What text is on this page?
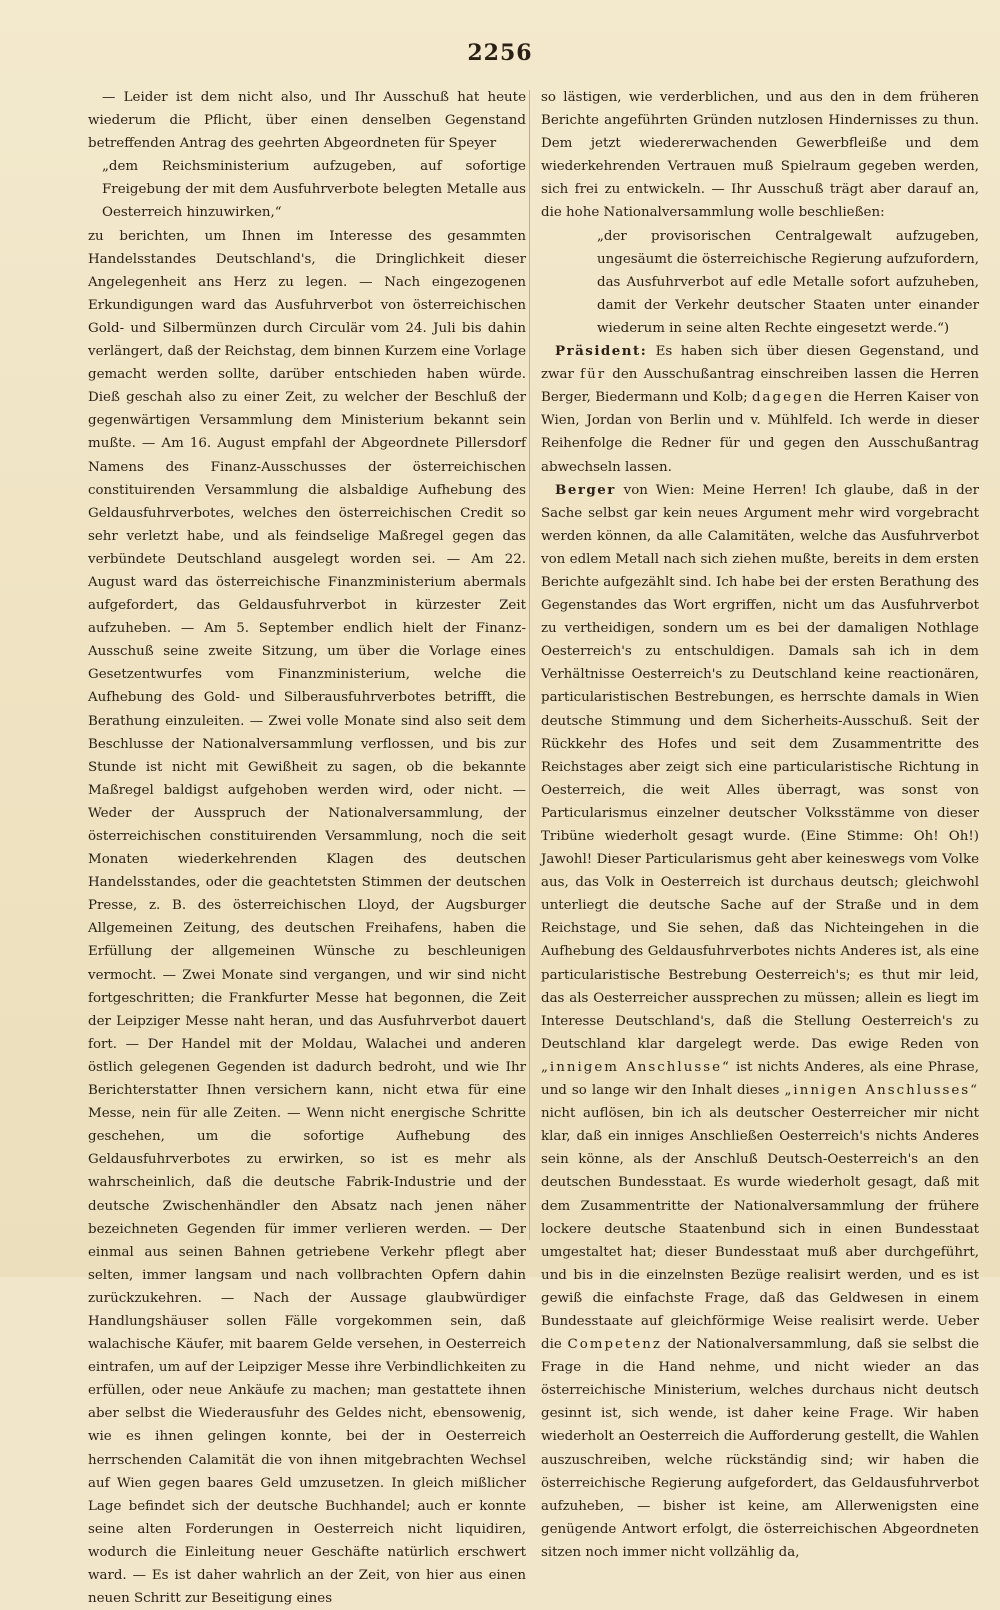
2256

— Leider ist dem nicht also, und Ihr Ausschuß hat heute wiederum die Pflicht, über einen denselben Gegenstand betreffenden Antrag des geehrten Abgeordneten für Speyer

„dem Reichsministerium aufzugeben, auf sofortige Freigebung der mit dem Ausfuhrverbote belegten Metalle aus Oesterreich hinzuwirken,“

zu berichten, um Ihnen im Interesse des gesammten Handelsstandes Deutschland's, die Dringlichkeit dieser Angelegenheit ans Herz zu legen. — Nach eingezogenen Erkundigungen ward das Ausfuhrverbot von österreichischen Gold- und Silbermünzen durch Circulär vom 24. Juli bis dahin verlängert, daß der Reichstag, dem binnen Kurzem eine Vorlage gemacht werden sollte, darüber entschieden haben würde. Dieß geschah also zu einer Zeit, zu welcher der Beschluß der gegenwärtigen Versammlung dem Ministerium bekannt sein mußte. — Am 16. August empfahl der Abgeordnete Pillersdorf Namens des Finanz-Ausschusses der österreichischen constituirenden Versammlung die alsbaldige Aufhebung des Geldausfuhrverbotes, welches den österreichischen Credit so sehr verletzt habe, und als feindselige Maßregel gegen das verbündete Deutschland ausgelegt worden sei. — Am 22. August ward das österreichische Finanzministerium abermals aufgefordert, das Geldausfuhrverbot in kürzester Zeit aufzuheben. — Am 5. September endlich hielt der Finanz-Ausschuß seine zweite Sitzung, um über die Vorlage eines Gesetzentwurfes vom Finanzministerium, welche die Aufhebung des Gold- und Silberausfuhrverbotes betrifft, die Berathung einzuleiten. — Zwei volle Monate sind also seit dem Beschlusse der Nationalversammlung verflossen, und bis zur Stunde ist nicht mit Gewißheit zu sagen, ob die bekannte Maßregel baldigst aufgehoben werden wird, oder nicht. — Weder der Ausspruch der Nationalversammlung, der österreichischen constituirenden Versammlung, noch die seit Monaten wiederkehrenden Klagen des deutschen Handelsstandes, oder die geachtetsten Stimmen der deutschen Presse, z. B. des österreichischen Lloyd, der Augsburger Allgemeinen Zeitung, des deutschen Freihafens, haben die Erfüllung der allgemeinen Wünsche zu beschleunigen vermocht. — Zwei Monate sind vergangen, und wir sind nicht fortgeschritten; die Frankfurter Messe hat begonnen, die Zeit der Leipziger Messe naht heran, und das Ausfuhrverbot dauert fort. — Der Handel mit der Moldau, Walachei und anderen östlich gelegenen Gegenden ist dadurch bedroht, und wie Ihr Berichterstatter Ihnen versichern kann, nicht etwa für eine Messe, nein für alle Zeiten. — Wenn nicht energische Schritte geschehen, um die sofortige Aufhebung des Geldausfuhrverbotes zu erwirken, so ist es mehr als wahrscheinlich, daß die deutsche Fabrik-Industrie und der deutsche Zwischenhändler den Absatz nach jenen näher bezeichneten Gegenden für immer verlieren werden. — Der einmal aus seinen Bahnen getriebene Verkehr pflegt aber selten, immer langsam und nach vollbrachten Opfern dahin zurückzukehren. — Nach der Aussage glaubwürdiger Handlungshäuser sollen Fälle vorgekommen sein, daß walachische Käufer, mit baarem Gelde versehen, in Oesterreich eintrafen, um auf der Leipziger Messe ihre Verbindlichkeiten zu erfüllen, oder neue Ankäufe zu machen; man gestattete ihnen aber selbst die Wiederausfuhr des Geldes nicht, ebensowenig, wie es ihnen gelingen konnte, bei der in Oesterreich herrschenden Calamität die von ihnen mitgebrachten Wechsel auf Wien gegen baares Geld umzusetzen. In gleich mißlicher Lage befindet sich der deutsche Buchhandel; auch er konnte seine alten Forderungen in Oesterreich nicht liquidiren, wodurch die Einleitung neuer Geschäfte natürlich erschwert ward. — Es ist daher wahrlich an der Zeit, von hier aus einen neuen Schritt zur Beseitigung eines

so lästigen, wie verderblichen, und aus den in dem früheren Berichte angeführten Gründen nutzlosen Hindernisses zu thun. Dem jetzt wiedererwachenden Gewerbfleiße und dem wiederkehrenden Vertrauen muß Spielraum gegeben werden, sich frei zu entwickeln. — Ihr Ausschuß trägt aber darauf an, die hohe Nationalversammlung wolle beschließen:

„der provisorischen Centralgewalt aufzugeben, ungesäumt die österreichische Regierung aufzufordern, das Ausfuhrverbot auf edle Metalle sofort aufzuheben, damit der Verkehr deutscher Staaten unter einander wiederum in seine alten Rechte eingesetzt werde.“)

Präsident: Es haben sich über diesen Gegenstand, und zwar für den Ausschußantrag einschreiben lassen die Herren Berger, Biedermann und Kolb; dagegen die Herren Kaiser von Wien, Jordan von Berlin und v. Mühlfeld. Ich werde in dieser Reihenfolge die Redner für und gegen den Ausschußantrag abwechseln lassen.

Berger von Wien: Meine Herren! Ich glaube, daß in der Sache selbst gar kein neues Argument mehr wird vorgebracht werden können, da alle Calamitäten, welche das Ausfuhrverbot von edlem Metall nach sich ziehen mußte, bereits in dem ersten Berichte aufgezählt sind. Ich habe bei der ersten Berathung des Gegenstandes das Wort ergriffen, nicht um das Ausfuhrverbot zu vertheidigen, sondern um es bei der damaligen Nothlage Oesterreich's zu entschuldigen. Damals sah ich in dem Verhältnisse Oesterreich's zu Deutschland keine reactionären, particularistischen Bestrebungen, es herrschte damals in Wien deutsche Stimmung und dem Sicherheits-Ausschuß. Seit der Rückkehr des Hofes und seit dem Zusammentritte des Reichstages aber zeigt sich eine particularistische Richtung in Oesterreich, die weit Alles überragt, was sonst von Particularismus einzelner deutscher Volksstämme von dieser Tribüne wiederholt gesagt wurde. (Eine Stimme: Oh! Oh!) Jawohl! Dieser Particularismus geht aber keineswegs vom Volke aus, das Volk in Oesterreich ist durchaus deutsch; gleichwohl unterliegt die deutsche Sache auf der Straße und in dem Reichstage, und Sie sehen, daß das Nichteingehen in die Aufhebung des Geldausfuhrverbotes nichts Anderes ist, als eine particularistische Bestrebung Oesterreich's; es thut mir leid, das als Oesterreicher aussprechen zu müssen; allein es liegt im Interesse Deutschland's, daß die Stellung Oesterreich's zu Deutschland klar dargelegt werde. Das ewige Reden von „innigem Anschlusse“ ist nichts Anderes, als eine Phrase, und so lange wir den Inhalt dieses „innigen Anschlusses“ nicht auflösen, bin ich als deutscher Oesterreicher mir nicht klar, daß ein inniges Anschließen Oesterreich's nichts Anderes sein könne, als der Anschluß Deutsch-Oesterreich's an den deutschen Bundesstaat. Es wurde wiederholt gesagt, daß mit dem Zusammentritte der Nationalversammlung der frühere lockere deutsche Staatenbund sich in einen Bundesstaat umgestaltet hat; dieser Bundesstaat muß aber durchgeführt, und bis in die einzelnsten Bezüge realisirt werden, und es ist gewiß die einfachste Frage, daß das Geldwesen in einem Bundesstaate auf gleichförmige Weise realisirt werde. Ueber die Competenz der Nationalversammlung, daß sie selbst die Frage in die Hand nehme, und nicht wieder an das österreichische Ministerium, welches durchaus nicht deutsch gesinnt ist, sich wende, ist daher keine Frage. Wir haben wiederholt an Oesterreich die Aufforderung gestellt, die Wahlen auszuschreiben, welche rückständig sind; wir haben die österreichische Regierung aufgefordert, das Geldausfuhrverbot aufzuheben, — bisher ist keine, am Allerwenigsten eine genügende Antwort erfolgt, die österreichischen Abgeordneten sitzen noch immer nicht vollzählig da,
